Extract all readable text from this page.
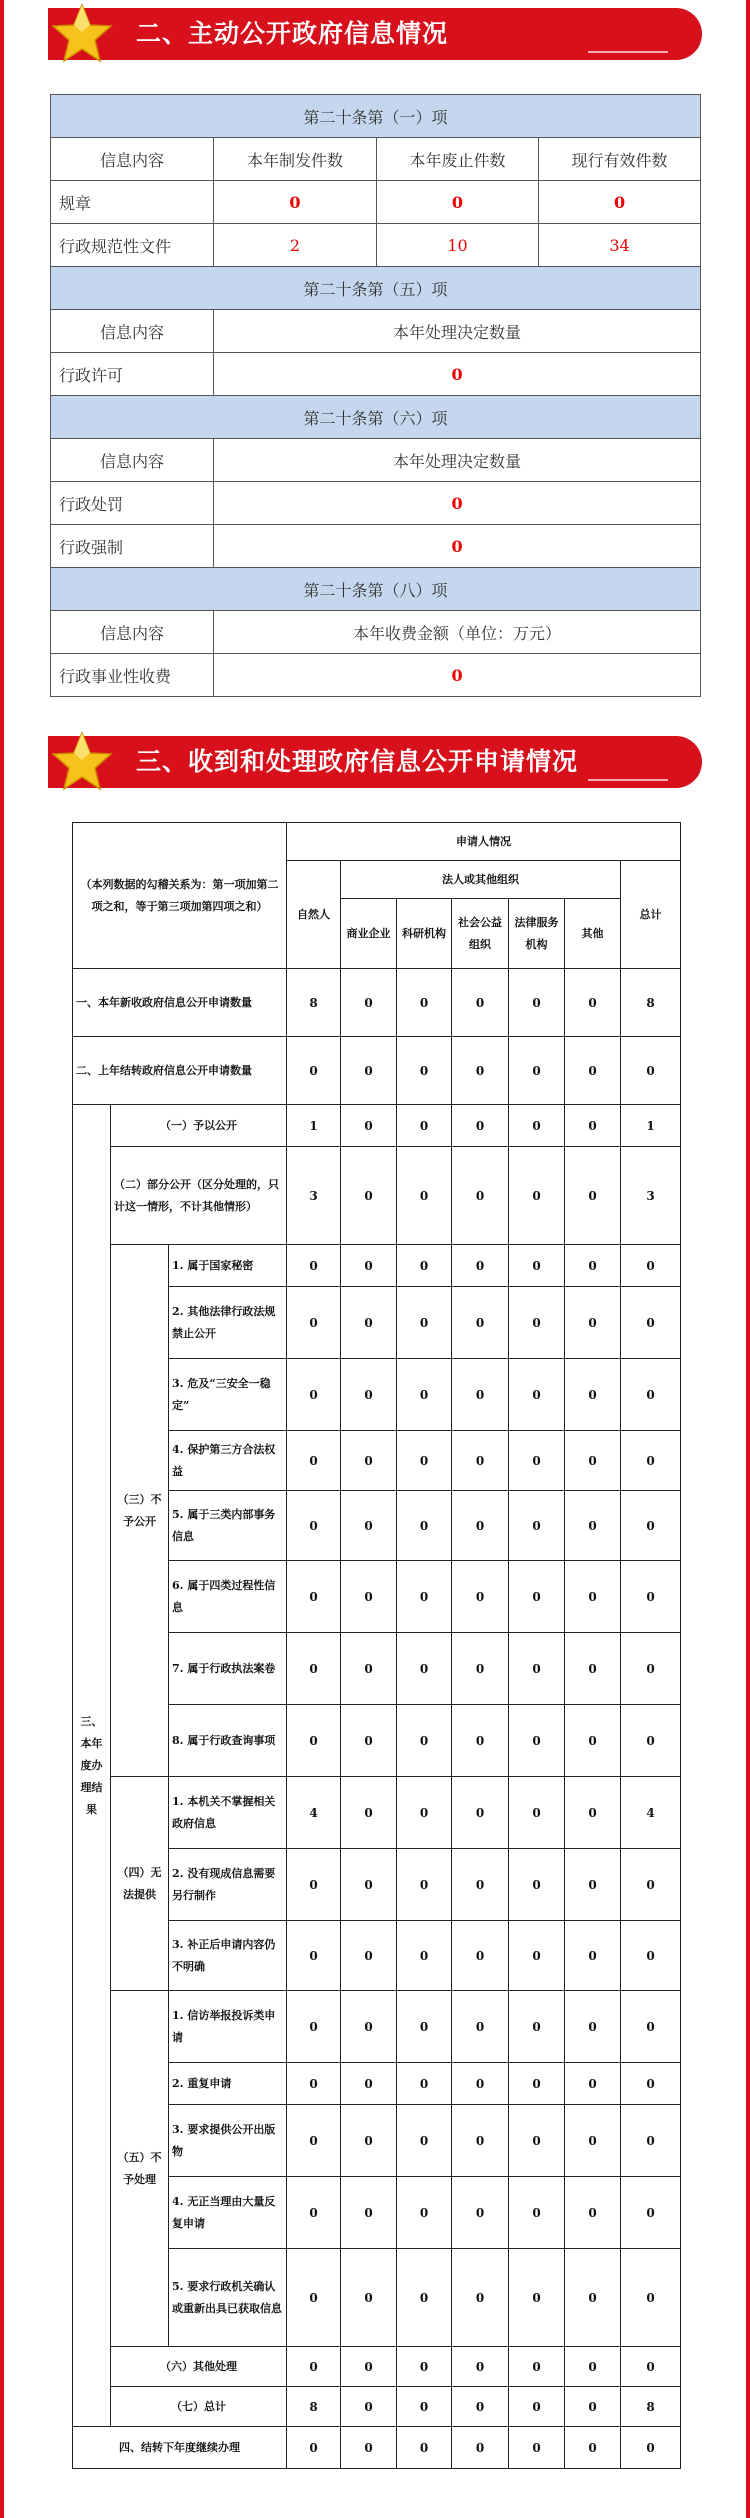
二、主动公开政府信息情况
第二十条第（一）项			
信息内容	本年制发件数	本年废止件数	现行有效件数
规章	0	0	0
行政规范性文件	2	10	34
第二十条第（五）项			
信息内容	本年处理决定数量		
行政许可	0		
第二十条第（六）项			
信息内容	本年处理决定数量		
行政处罚	0		
行政强制	0		
第二十条第（八）项			
信息内容	本年收费金额（单位：万元）		
行政事业性收费	0		
三、收到和处理政府信息公开申请情况
（本列数据的勾稽关系为：第一项加第二项之和，等于第三项加第四项之和）			申请人情况						
			自然人	法人或其他组织					总计
				商业企业	科研机构	社会公益组织	法律服务机构	其他	
一、本年新收政府信息公开申请数量			8	0	0	0	0	0	8
二、上年结转政府信息公开申请数量			0	0	0	0	0	0	0
三、本年度办理结果	（一）予以公开		1	0	0	0	0	0	1
	（二）部分公开（区分处理的，只计这一情形，不计其他情形）		3	0	0	0	0	0	3
	（三）不予公开	1. 属于国家秘密	0	0	0	0	0	0	0
		2. 其他法律行政法规禁止公开	0	0	0	0	0	0	0
		3. 危及“三安全一稳定”	0	0	0	0	0	0	0
		4. 保护第三方合法权益	0	0	0	0	0	0	0
		5. 属于三类内部事务信息	0	0	0	0	0	0	0
		6. 属于四类过程性信息	0	0	0	0	0	0	0
		7. 属于行政执法案卷	0	0	0	0	0	0	0
		8. 属于行政查询事项	0	0	0	0	0	0	0
	（四）无法提供	1. 本机关不掌握相关政府信息	4	0	0	0	0	0	4
		2. 没有现成信息需要另行制作	0	0	0	0	0	0	0
		3. 补正后申请内容仍不明确	0	0	0	0	0	0	0
	（五）不予处理	1. 信访举报投诉类申请	0	0	0	0	0	0	0
		2. 重复申请	0	0	0	0	0	0	0
		3. 要求提供公开出版物	0	0	0	0	0	0	0
		4. 无正当理由大量反复申请	0	0	0	0	0	0	0
		5. 要求行政机关确认或重新出具已获取信息	0	0	0	0	0	0	0
	（六）其他处理		0	0	0	0	0	0	0
	（七）总计		8	0	0	0	0	0	8
四、结转下年度继续办理			0	0	0	0	0	0	0
